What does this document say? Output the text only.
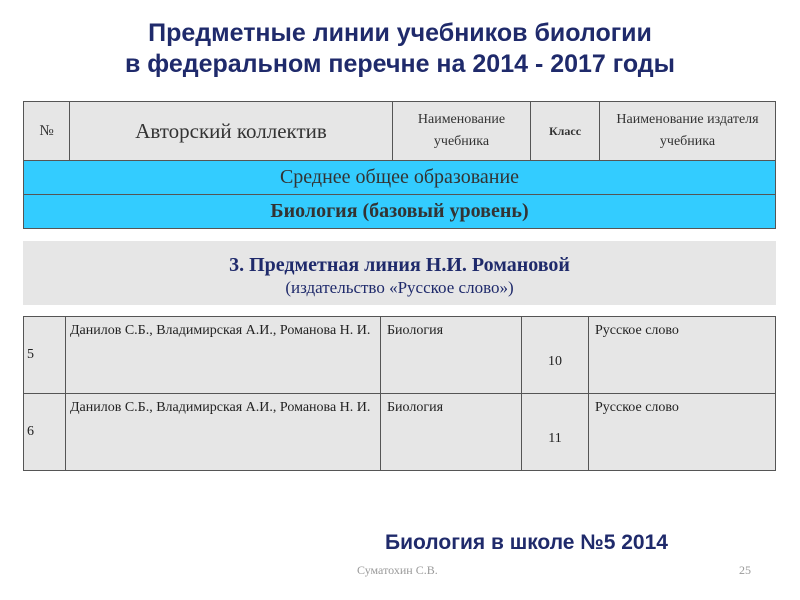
Предметные линии учебников биологии
в федеральном перечне на 2014 - 2017 годы
№	Авторский коллектив	Наименование учебника	Класс	Наименование издателя учебника
Среднее общее образование
Биология (базовый уровень)
3. Предметная линия Н.И. Романовой
(издательство «Русское слово»)
5	Данилов С.Б., Владимирская А.И., Романова Н. И.	Биология	10	Русское слово
6	Данилов С.Б., Владимирская А.И., Романова Н. И.	Биология	11	Русское слово
Биология в школе №5 2014
Суматохин С.В.	25
